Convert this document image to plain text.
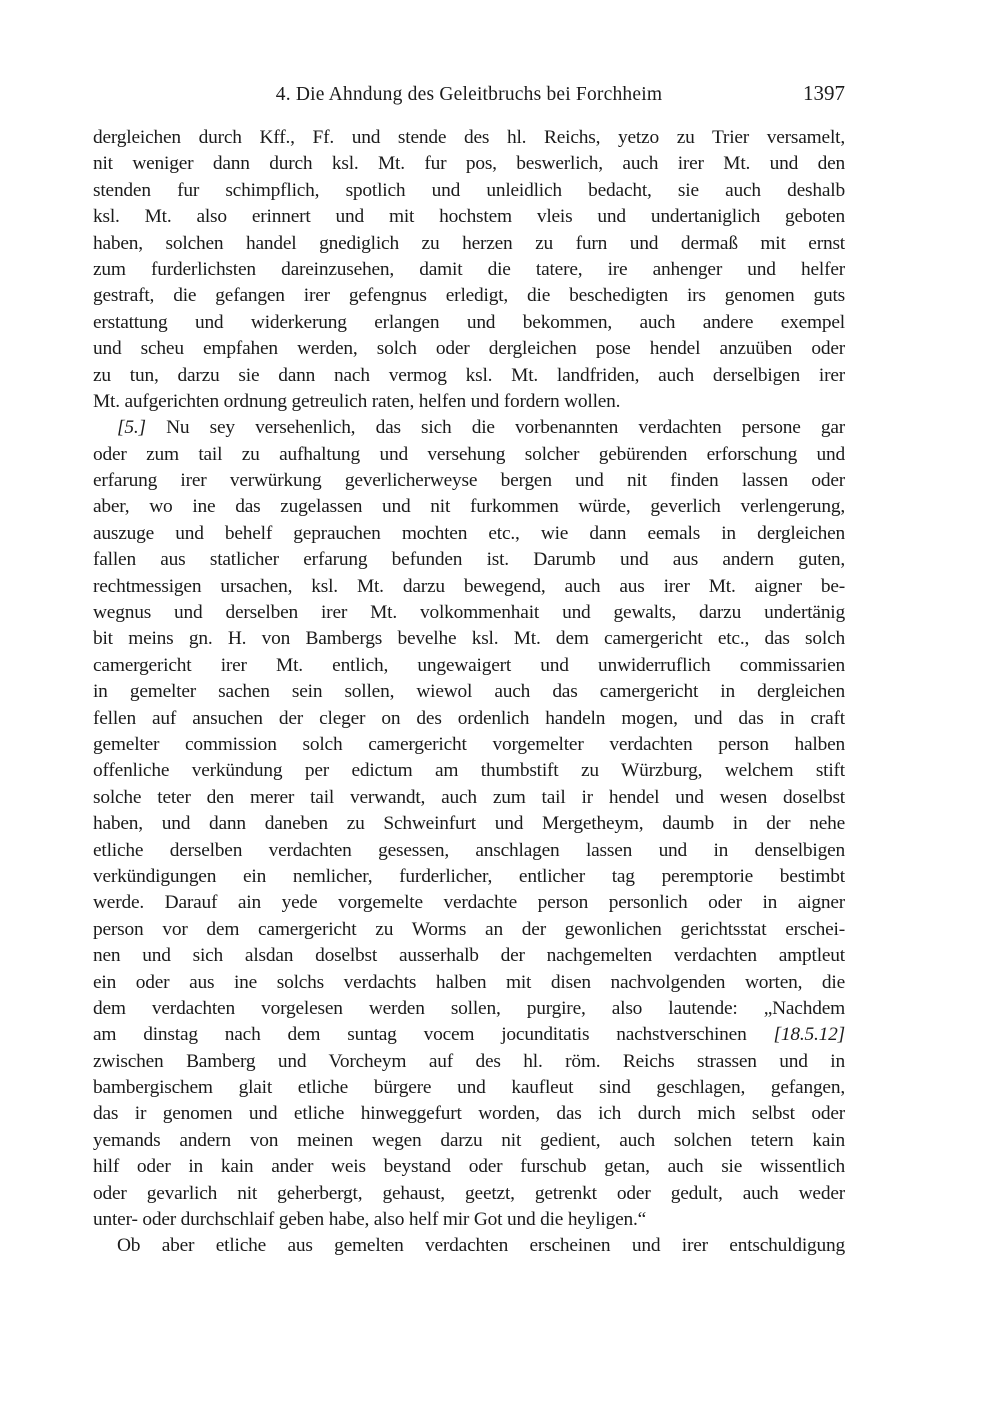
4. Die Ahndung des Geleitbruchs bei Forchheim	1397
dergleichen durch Kff., Ff. und stende des hl. Reichs, yetzo zu Trier versamelt,
nit weniger dann durch ksl. Mt. fur pos, beswerlich, auch irer Mt. und den
stenden fur schimpflich, spotlich und unleidlich bedacht, sie auch deshalb
ksl. Mt. also erinnert und mit hochstem vleis und undertaniglich geboten
haben, solchen handel gnediglich zu herzen zu furn und dermaß mit ernst
zum furderlichsten dareinzusehen, damit die tatere, ire anhenger und helfer
gestraft, die gefangen irer gefengnus erledigt, die beschedigten irs genomen guts
erstattung und widerkerung erlangen und bekommen, auch andere exempel
und scheu empfahen werden, solch oder dergleichen pose hendel anzuüben oder
zu tun, darzu sie dann nach vermog ksl. Mt. landfriden, auch derselbigen irer
Mt. aufgerichten ordnung getreulich raten, helfen und fordern wollen.
[5.] Nu sey versehenlich, das sich die vorbenannten verdachten persone gar
oder zum tail zu aufhaltung und versehung solcher gebürenden erforschung und
erfarung irer verwürkung geverlicherweyse bergen und nit finden lassen oder
aber, wo ine das zugelassen und nit furkommen würde, geverlich verlengerung,
auszuge und behelf geprauchen mochten etc., wie dann eemals in dergleichen
fallen aus statlicher erfarung befunden ist. Darumb und aus andern guten,
rechtmessigen ursachen, ksl. Mt. darzu bewegend, auch aus irer Mt. aigner be-
wegnus und derselben irer Mt. volkommenhait und gewalts, darzu undertänig
bit meins gn. H. von Bambergs bevelhe ksl. Mt. dem camergericht etc., das solch
camergericht irer Mt. entlich, ungewaigert und unwiderruflich commissarien
in gemelter sachen sein sollen, wiewol auch das camergericht in dergleichen
fellen auf ansuchen der cleger on des ordenlich handeln mogen, und das in craft
gemelter commission solch camergericht vorgemelter verdachten person halben
offenliche verkündung per edictum am thumbstift zu Würzburg, welchem stift
solche teter den merer tail verwandt, auch zum tail ir hendel und wesen doselbst
haben, und dann daneben zu Schweinfurt und Mergetheym, daumb in der nehe
etliche derselben verdachten gesessen, anschlagen lassen und in denselbigen
verkündigungen ein nemlicher, furderlicher, entlicher tag peremptorie bestimbt
werde. Darauf ain yede vorgemelte verdachte person personlich oder in aigner
person vor dem camergericht zu Worms an der gewonlichen gerichtsstat erschei-
nen und sich alsdan doselbst ausserhalb der nachgemelten verdachten amptleut
ein oder aus ine solchs verdachts halben mit disen nachvolgenden worten, die
dem verdachten vorgelesen werden sollen, purgire, also lautende: „Nachdem
am dinstag nach dem suntag vocem jocunditatis nachstverschinen [18.5.12]
zwischen Bamberg und Vorcheym auf des hl. röm. Reichs strassen und in
bambergischem glait etliche bürgere und kaufleut sind geschlagen, gefangen,
das ir genomen und etliche hinweggefurt worden, das ich durch mich selbst oder
yemands andern von meinen wegen darzu nit gedient, auch solchen tetern kain
hilf oder in kain ander weis beystand oder furschub getan, auch sie wissentlich
oder gevarlich nit geherbergt, gehaust, geetzt, getrenkt oder gedult, auch weder
unter- oder durchschlaif geben habe, also helf mir Got und die heyligen.“
Ob aber etliche aus gemelten verdachten erscheinen und irer entschuldigung
